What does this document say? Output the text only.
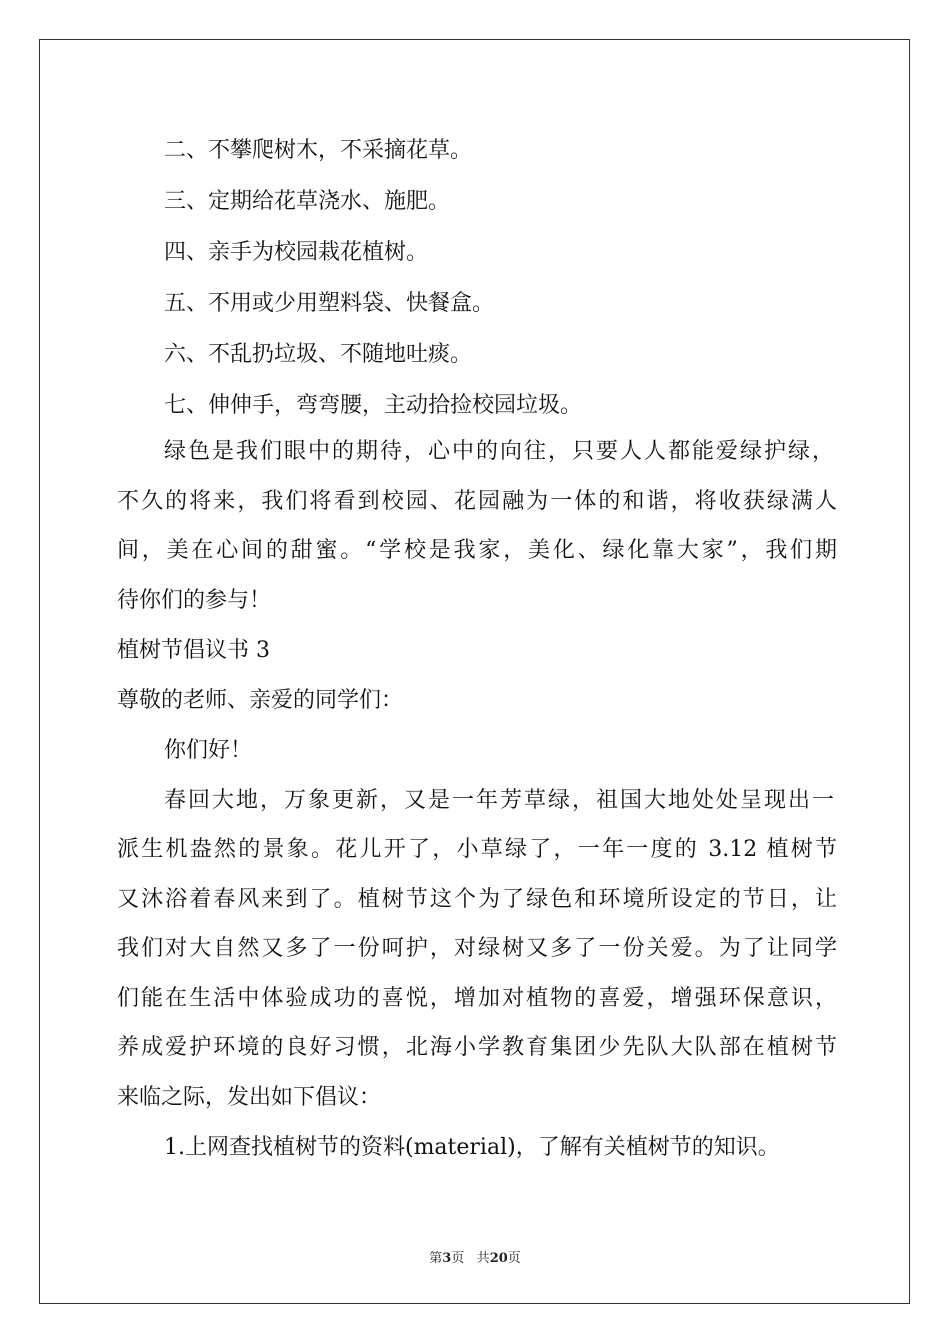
二、不攀爬树木，不采摘花草。
三、定期给花草浇水、施肥。
四、亲手为校园栽花植树。
五、不用或少用塑料袋、快餐盒。
六、不乱扔垃圾、不随地吐痰。
七、伸伸手，弯弯腰，主动拾捡校园垃圾。
绿色是我们眼中的期待，心中的向往，只要人人都能爱绿护绿，
不久的将来，我们将看到校园、花园融为一体的和谐，将收获绿满人
间，美在心间的甜蜜。“学校是我家，美化、绿化靠大家”，我们期
待你们的参与！
植树节倡议书 3
尊敬的老师、亲爱的同学们：
你们好！
春回大地，万象更新，又是一年芳草绿，祖国大地处处呈现出一
派生机盎然的景象。花儿开了，小草绿了，一年一度的 3.12 植树节
又沐浴着春风来到了。植树节这个为了绿色和环境所设定的节日，让
我们对大自然又多了一份呵护，对绿树又多了一份关爱。为了让同学
们能在生活中体验成功的喜悦，增加对植物的喜爱，增强环保意识，
养成爱护环境的良好习惯，北海小学教育集团少先队大队部在植树节
来临之际，发出如下倡议：
1.上网查找植树节的资料(material)，了解有关植树节的知识。
第3页 共20页
